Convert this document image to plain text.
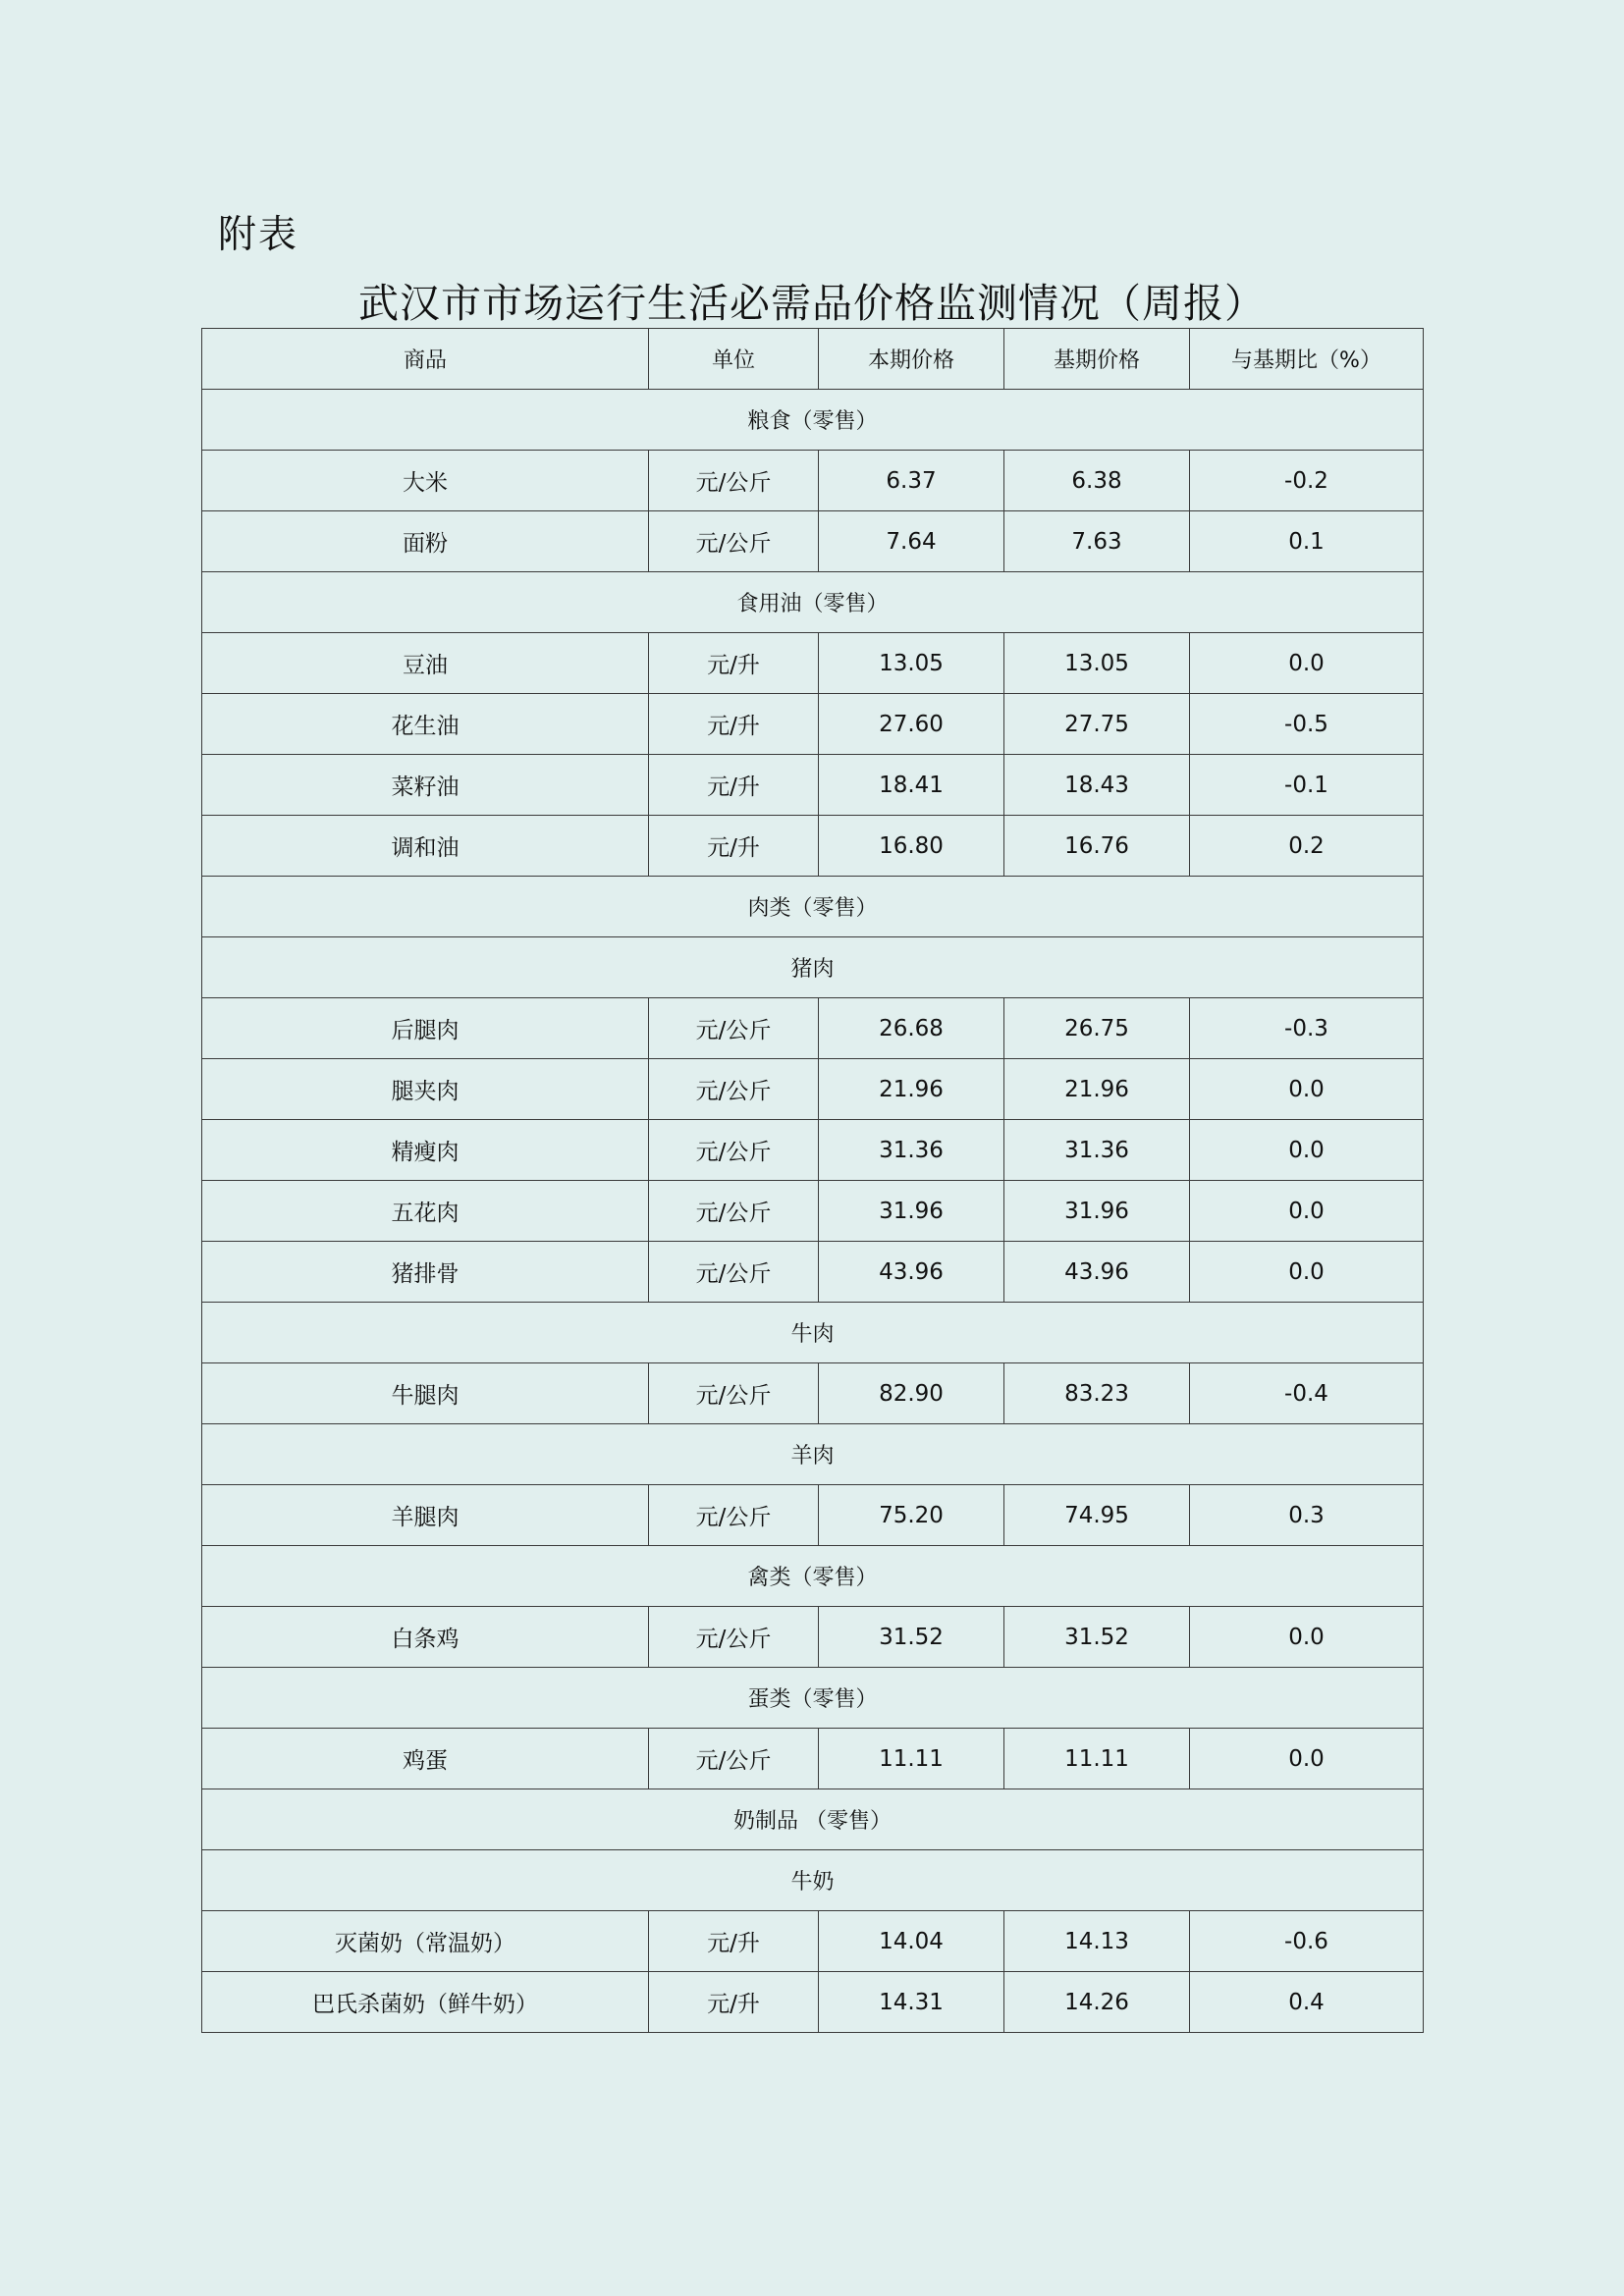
附表
武汉市市场运行生活必需品价格监测情况（周报）
商品	单位	本期价格	基期价格	与基期比（%）
粮食（零售）				
大米	元/公斤	6.37	6.38	-0.2
面粉	元/公斤	7.64	7.63	0.1
食用油（零售）				
豆油	元/升	13.05	13.05	0.0
花生油	元/升	27.60	27.75	-0.5
菜籽油	元/升	18.41	18.43	-0.1
调和油	元/升	16.80	16.76	0.2
肉类（零售）				
猪肉				
后腿肉	元/公斤	26.68	26.75	-0.3
腿夹肉	元/公斤	21.96	21.96	0.0
精瘦肉	元/公斤	31.36	31.36	0.0
五花肉	元/公斤	31.96	31.96	0.0
猪排骨	元/公斤	43.96	43.96	0.0
牛肉				
牛腿肉	元/公斤	82.90	83.23	-0.4
羊肉				
羊腿肉	元/公斤	75.20	74.95	0.3
禽类（零售）				
白条鸡	元/公斤	31.52	31.52	0.0
蛋类（零售）				
鸡蛋	元/公斤	11.11	11.11	0.0
奶制品 （零售）				
牛奶				
灭菌奶（常温奶）	元/升	14.04	14.13	-0.6
巴氏杀菌奶（鲜牛奶）	元/升	14.31	14.26	0.4
